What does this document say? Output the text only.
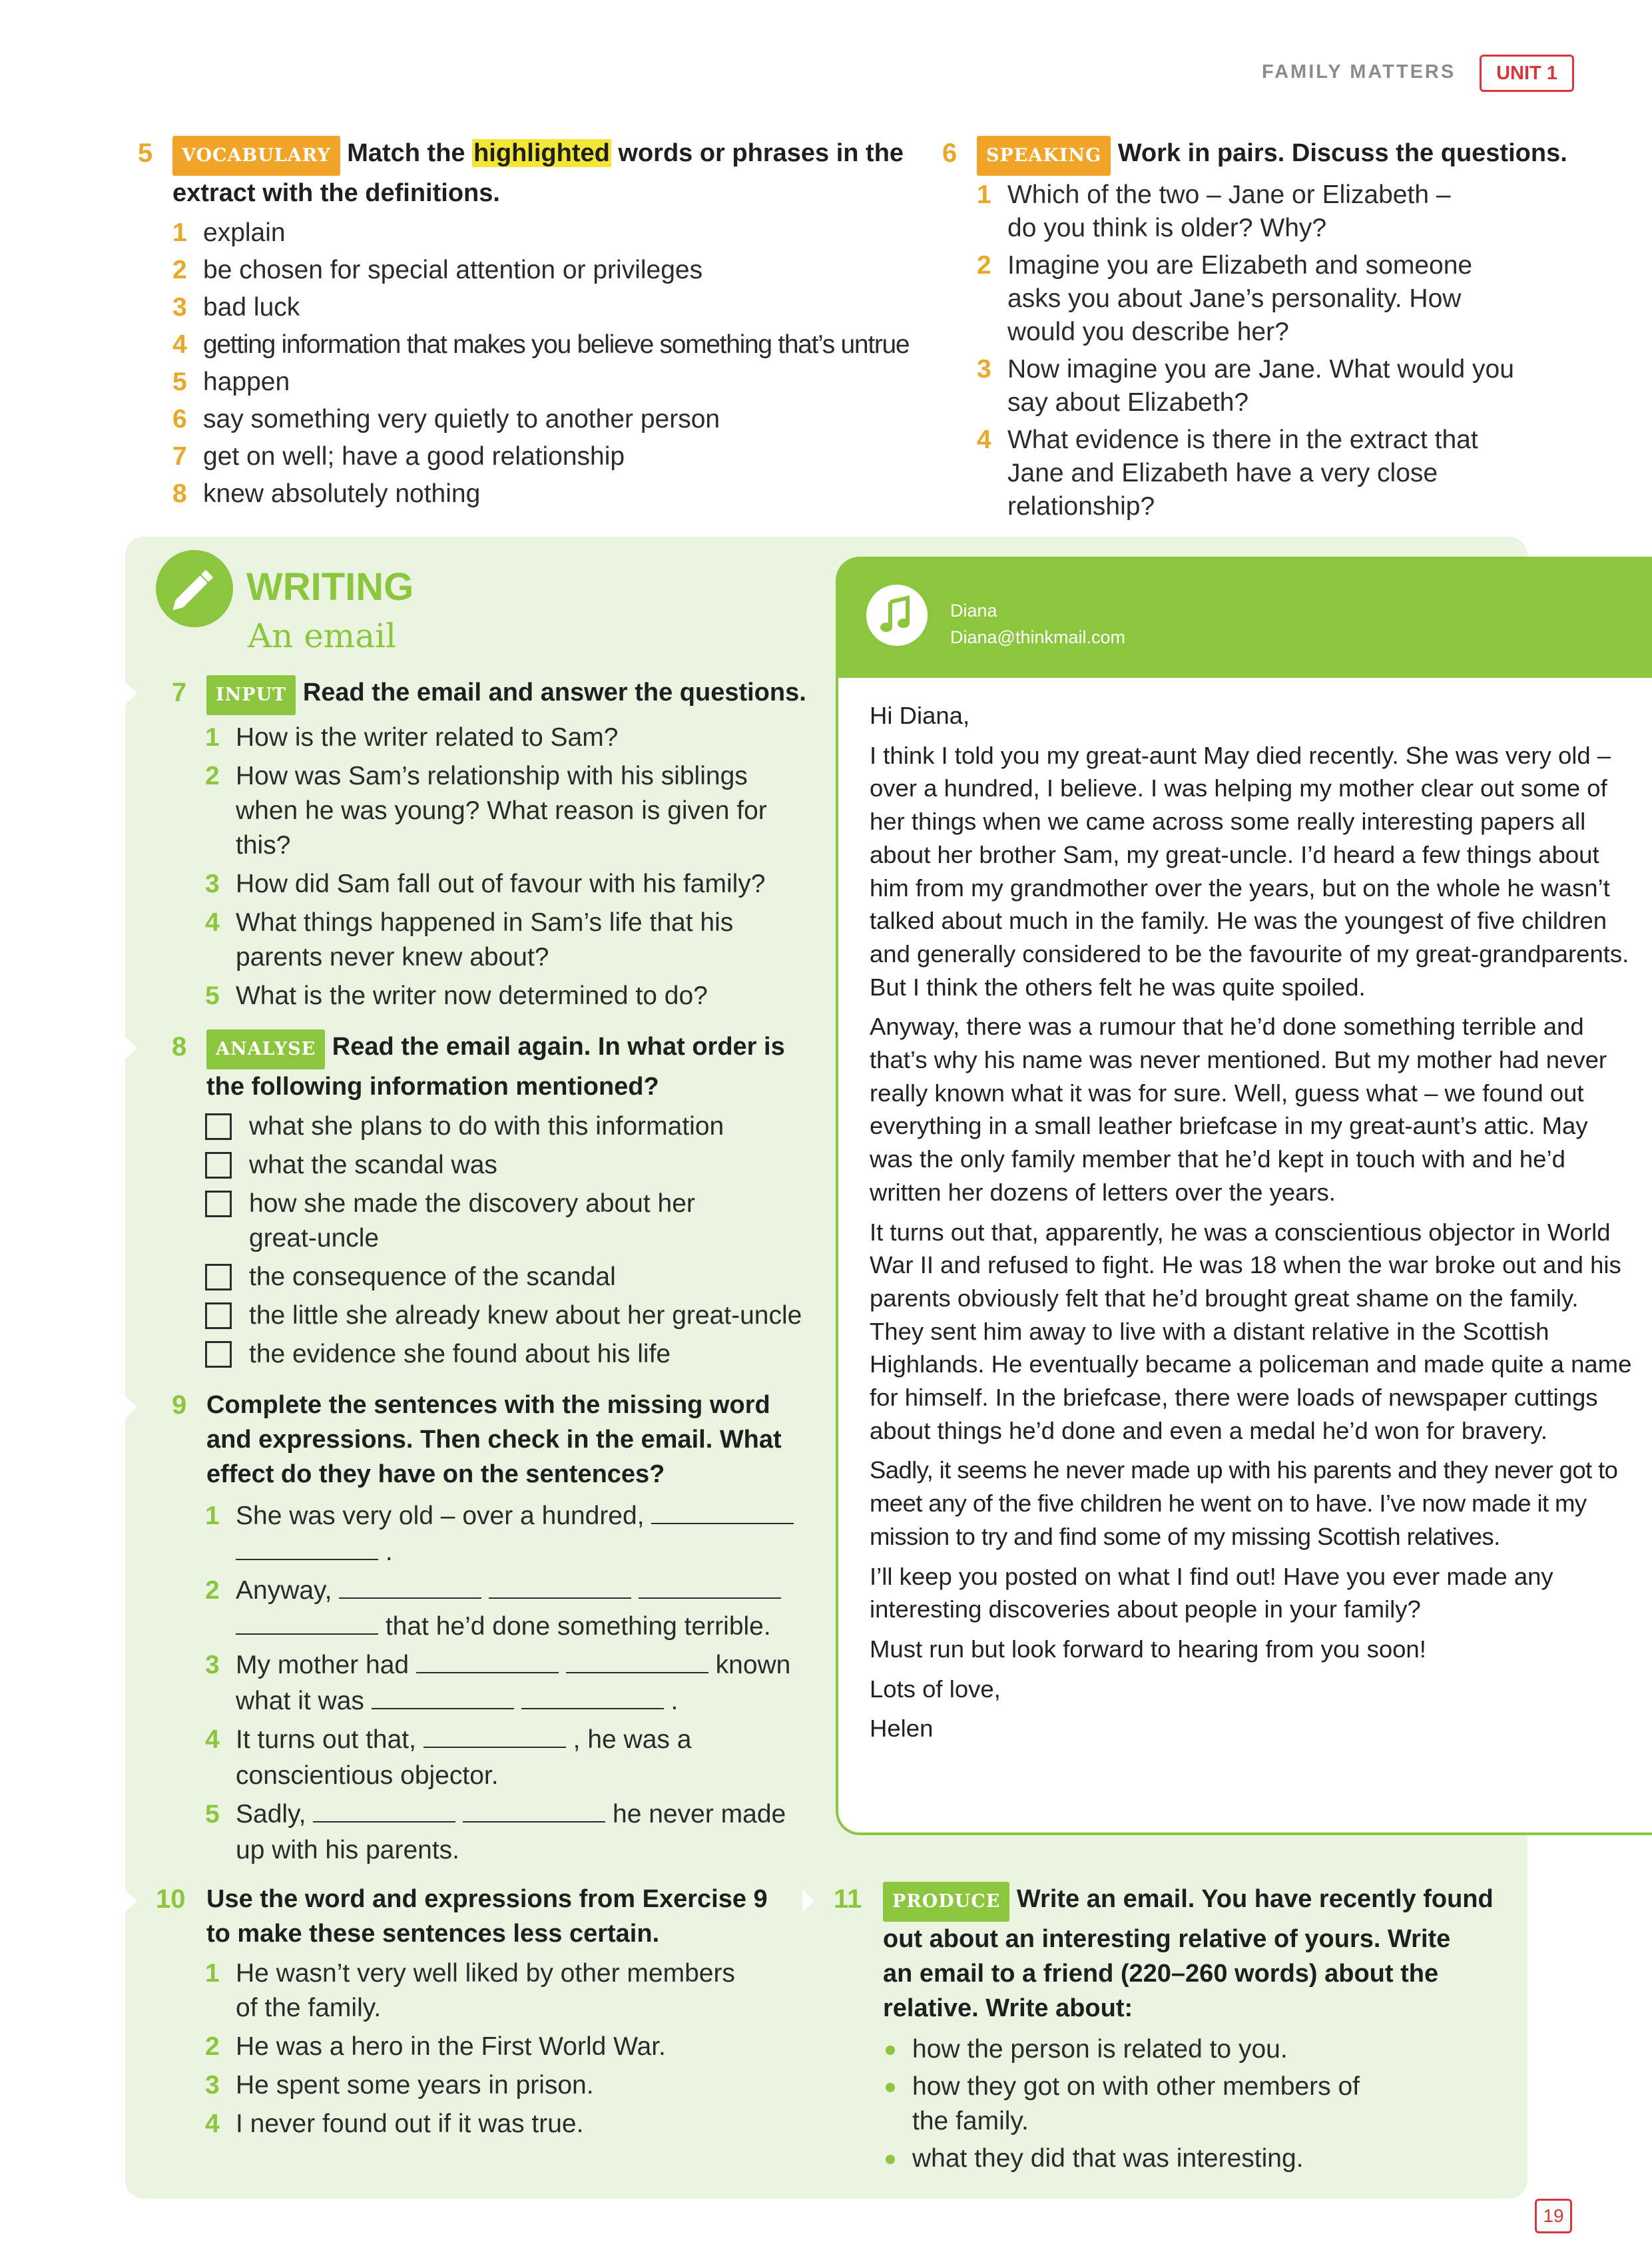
FAMILY MATTERS	UNIT 1
5 VOCABULARY Match the highlighted words or phrases in the
extract with the definitions.
1 explain
2 be chosen for special attention or privileges
3 bad luck
4 getting information that makes you believe something that’s untrue
5 happen
6 say something very quietly to another person
7 get on well; have a good relationship
8 knew absolutely nothing
6 SPEAKING Work in pairs. Discuss the questions.
1 Which of the two – Jane or Elizabeth –
do you think is older? Why?
2 Imagine you are Elizabeth and someone
asks you about Jane’s personality. How
would you describe her?
3 Now imagine you are Jane. What would you
say about Elizabeth?
4 What evidence is there in the extract that
Jane and Elizabeth have a very close
relationship?
WRITING
An email
7 INPUT Read the email and answer the questions.
1 How is the writer related to Sam?
2 How was Sam’s relationship with his siblings
when he was young? What reason is given for
this?
3 How did Sam fall out of favour with his family?
4 What things happened in Sam’s life that his
parents never knew about?
5 What is the writer now determined to do?
8 ANALYSE Read the email again. In what order is
the following information mentioned?
what she plans to do with this information
what the scandal was
how she made the discovery about her
great-uncle
the consequence of the scandal
the little she already knew about her great-uncle
the evidence she found about his life
9 Complete the sentences with the missing word
and expressions. Then check in the email. What
effect do they have on the sentences?
1 She was very old – over a hundred,
.
2 Anyway,
that he’d done something terrible.
3 My mother had	known
what it was	.
4 It turns out that,	, he was a
conscientious objector.
5 Sadly,	he never made
up with his parents.
10 Use the word and expressions from Exercise 9
to make these sentences less certain.
1 He wasn’t very well liked by other members
of the family.
2 He was a hero in the First World War.
3 He spent some years in prison.
4 I never found out if it was true.
Diana
Diana@thinkmail.com

Hi Diana,

I think I told you my great-aunt May died recently. She was very old – over a hundred, I believe. I was helping my mother clear out some of her things when we came across some really interesting papers all about her brother Sam, my great-uncle. I’d heard a few things about him from my grandmother over the years, but on the whole he wasn’t talked about much in the family. He was the youngest of five children and generally considered to be the favourite of my great-grandparents. But I think the others felt he was quite spoiled.

Anyway, there was a rumour that he’d done something terrible and that’s why his name was never mentioned. But my mother had never really known what it was for sure. Well, guess what – we found out everything in a small leather briefcase in my great-aunt’s attic. May was the only family member that he’d kept in touch with and he’d written her dozens of letters over the years.

It turns out that, apparently, he was a conscientious objector in World War II and refused to fight. He was 18 when the war broke out and his parents obviously felt that he’d brought great shame on the family. They sent him away to live with a distant relative in the Scottish Highlands. He eventually became a policeman and made quite a name for himself. In the briefcase, there were loads of newspaper cuttings about things he’d done and even a medal he’d won for bravery.

Sadly, it seems he never made up with his parents and they never got to meet any of the five children he went on to have. I’ve now made it my mission to try and find some of my missing Scottish relatives.

I’ll keep you posted on what I find out! Have you ever made any interesting discoveries about people in your family?

Must run but look forward to hearing from you soon!

Lots of love,

Helen

11 PRODUCE Write an email. You have recently found
out about an interesting relative of yours. Write
an email to a friend (220–260 words) about the
relative. Write about:
how the person is related to you.
how they got on with other members of
the family.
what they did that was interesting.
19
